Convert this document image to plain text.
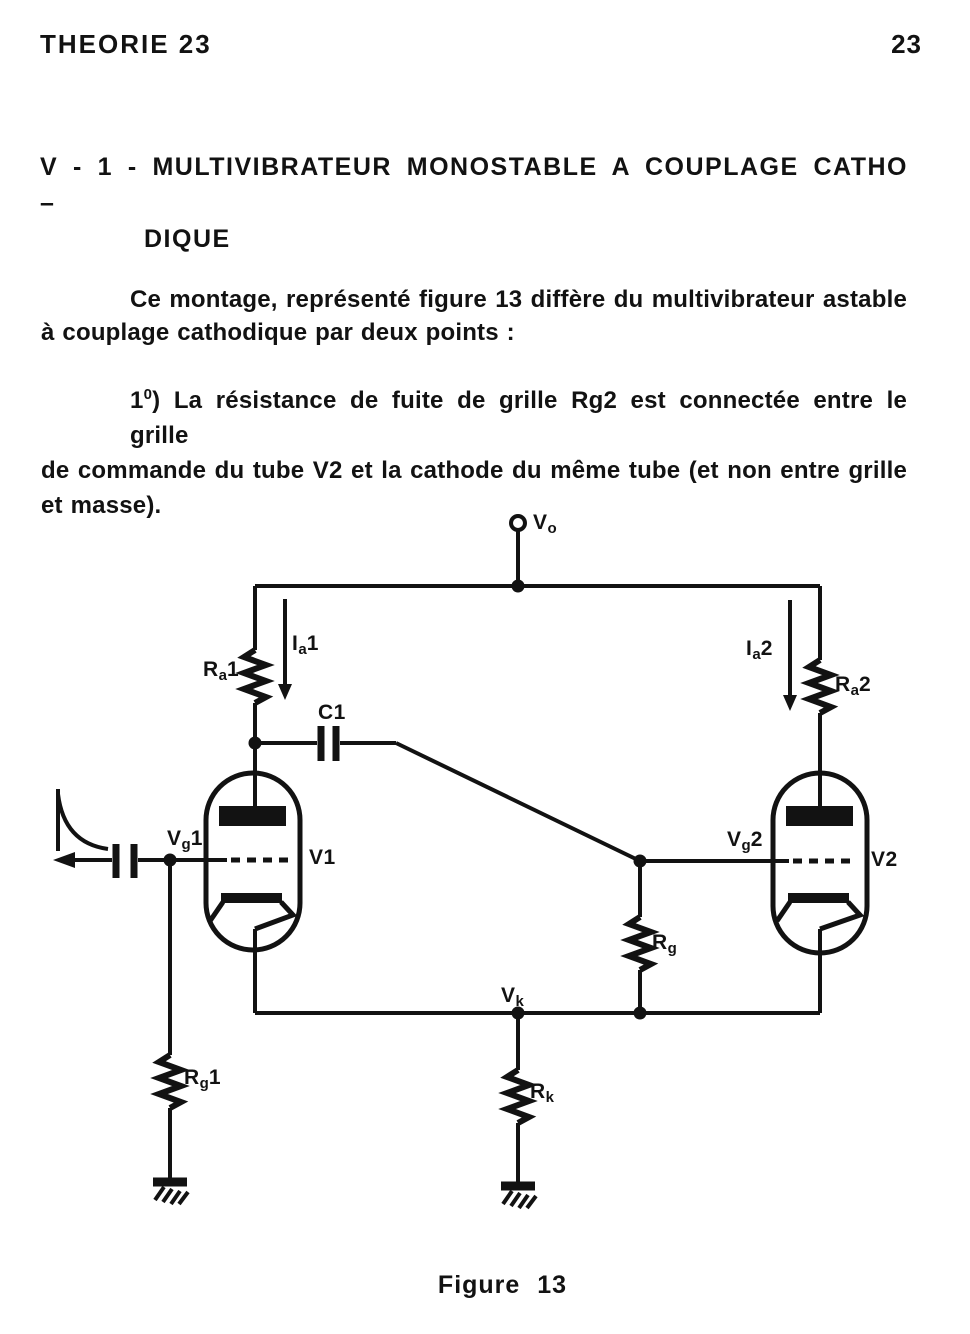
THEORIE 23	23
V - 1 - MULTIVIBRATEUR MONOSTABLE A COUPLAGE CATHO –
DIQUE
Ce montage, représenté figure 13 diffère du multivibrateur astable
à couplage cathodique par deux points :
$1^0$) La résistance de fuite de grille Rg2 est connectée entre le grille
de commande du tube V2 et la cathode du même tube (et non entre grille
et masse).
$V_o$
$I_a1$
$R_a1$
C1
$I_a2$
$R_a2$
$V_g1$
V1
$V_g2$
V2
$R_g$
$V_k$
$R_g1$
$R_k$
Figure 13
